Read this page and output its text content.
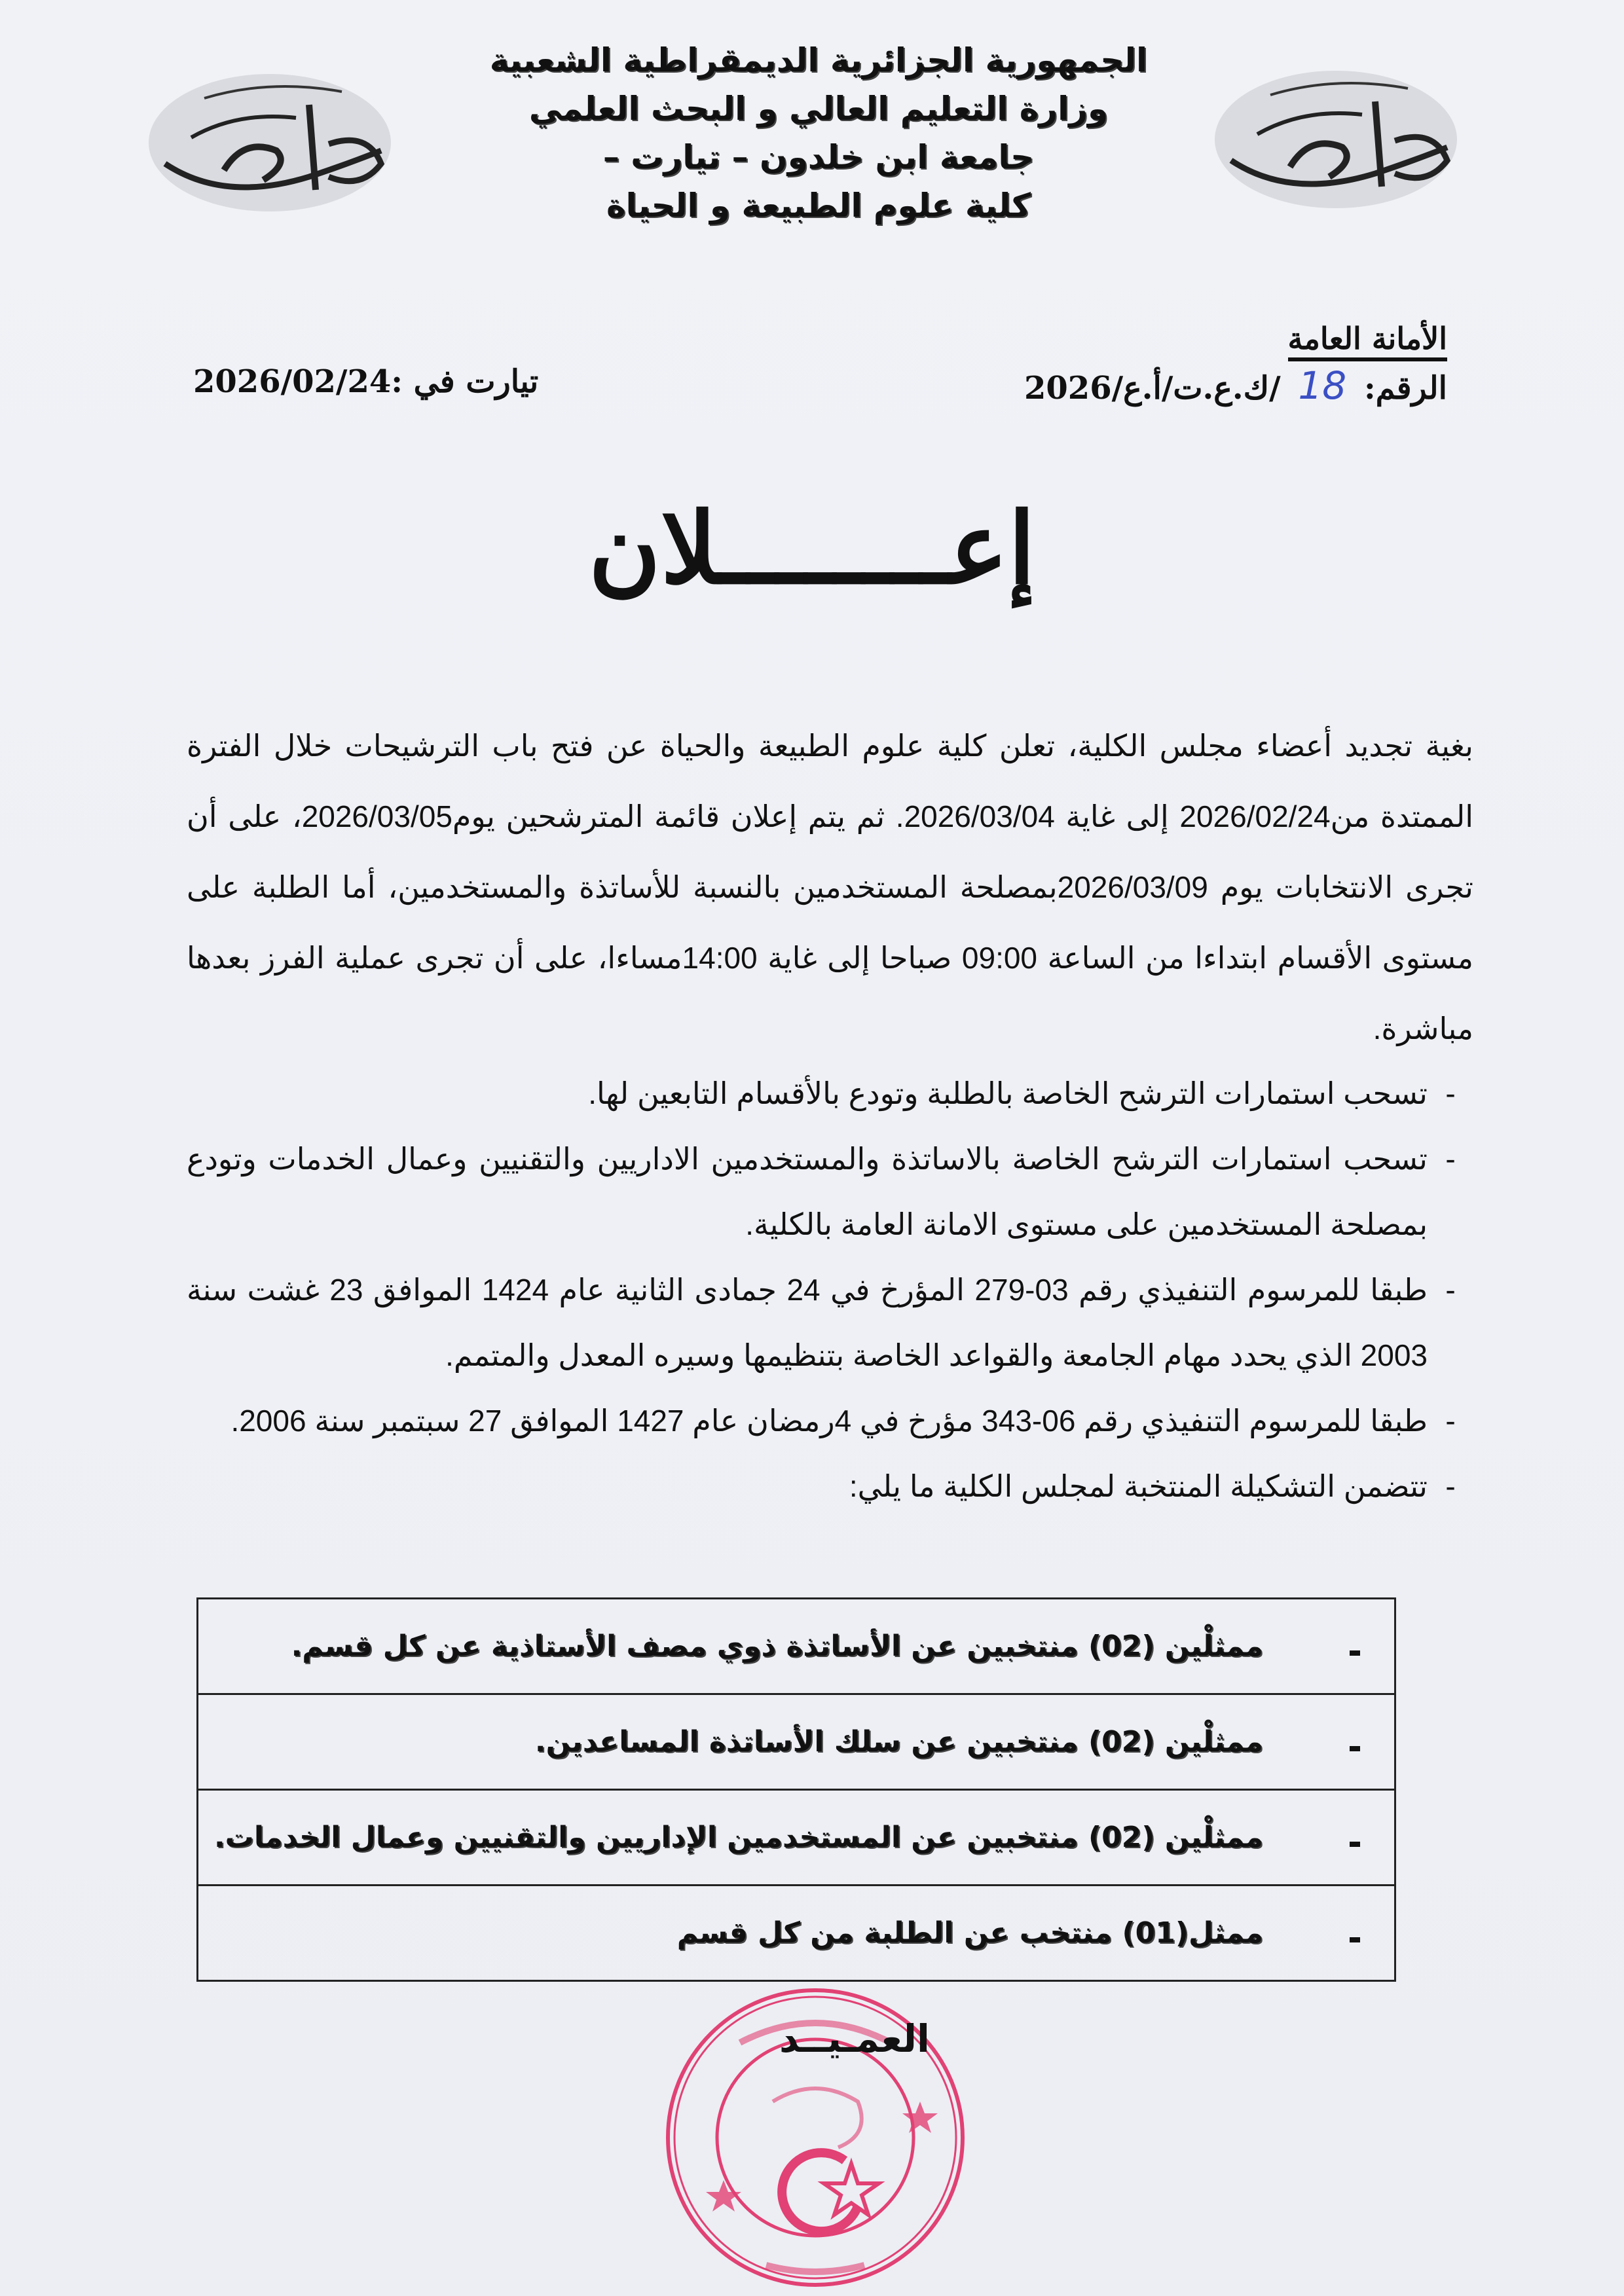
الجمهورية الجزائرية الديمقراطية الشعبية
وزارة التعليم العالي و البحث العلمي
جامعة ابن خلدون – تيارت –
كلية علوم الطبيعة و الحياة
الأمانة العامة
الرقم: 18 /ك.ع.ت/أ.ع/2026
تيارت في :2026/02/24
إعــــــــلان
بغية تجديد أعضاء مجلس الكلية، تعلن كلية علوم الطبيعة والحياة عن فتح باب الترشيحات خلال الفترة الممتدة من2026/02/24 إلى غاية 2026/03/04. ثم يتم إعلان قائمة المترشحين يوم2026/03/05، على أن تجرى الانتخابات يوم 2026/03/09بمصلحة المستخدمين بالنسبة للأساتذة والمستخدمين، أما الطلبة على مستوى الأقسام ابتداءا من الساعة 09:00 صباحا إلى غاية 14:00مساءا، على أن تجرى عملية الفرز بعدها مباشرة.
-
تسحب استمارات الترشح الخاصة بالطلبة وتودع بالأقسام التابعين لها.
-
تسحب استمارات الترشح الخاصة بالاساتذة والمستخدمين الاداريين والتقنيين وعمال الخدمات وتودع بمصلحة المستخدمين على مستوى الامانة العامة بالكلية.
-
طبقا للمرسوم التنفيذي رقم 03-279 المؤرخ في 24 جمادى الثانية عام 1424 الموافق 23 غشت سنة 2003 الذي يحدد مهام الجامعة والقواعد الخاصة بتنظيمها وسيره المعدل والمتمم.
-
طبقا للمرسوم التنفيذي رقم 06-343 مؤرخ في 4رمضان عام 1427 الموافق 27 سبتمبر سنة 2006.
-
تتضمن التشكيلة المنتخبة لمجلس الكلية ما يلي:
ممثلْين (02) منتخبين عن الأساتذة ذوي مصف الأستاذية عن كل قسم.
ممثلْين (02) منتخبين عن سلك الأساتذة المساعدين.
ممثلْين (02) منتخبين عن المستخدمين الإداريين والتقنيين وعمال الخدمات.
ممثل(01) منتخب عن الطلبة من كل قسم
العمـيــد
